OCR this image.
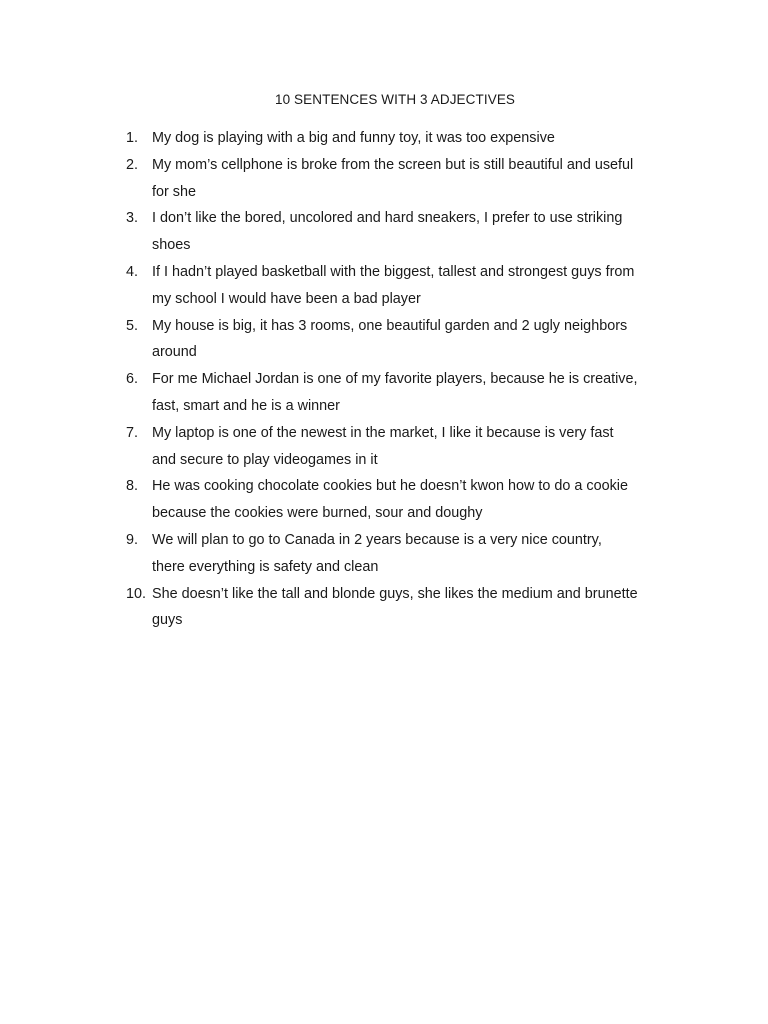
10 SENTENCES WITH 3 ADJECTIVES
1. My dog is playing with a big and funny toy, it was too expensive
2. My mom’s cellphone is broke from the screen but is still beautiful and useful
for she
3. I don’t like the bored, uncolored and hard sneakers, I prefer to use striking
shoes
4. If I hadn’t played basketball with the biggest, tallest and strongest guys from
my school I would have been a bad player
5. My house is big, it has 3 rooms, one beautiful garden and 2 ugly neighbors
around
6. For me Michael Jordan is one of my favorite players, because he is creative,
fast, smart and he is a winner
7. My laptop is one of the newest in the market, I like it because is very fast
and secure to play videogames in it
8. He was cooking chocolate cookies but he doesn’t kwon how to do a cookie
because the cookies were burned, sour and doughy
9. We will plan to go to Canada in 2 years because is a very nice country,
there everything is safety and clean
10. She doesn’t like the tall and blonde guys, she likes the medium and brunette
guys
